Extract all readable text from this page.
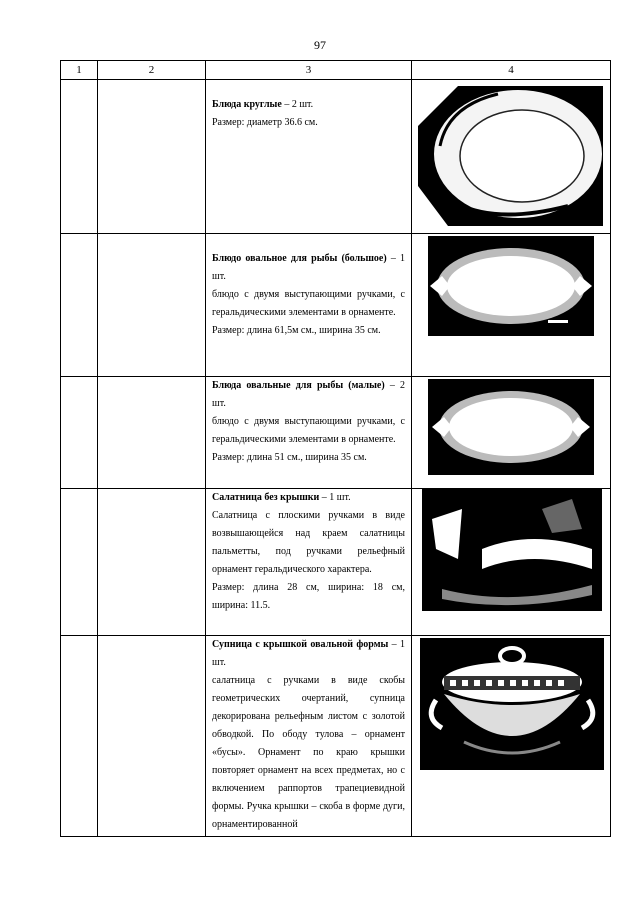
97
1	2	3	4

		Блюда круглые – 2 шт.

Размер: диаметр 36.6 см.

		Блюдо овальное для рыбы (большое) – 1 шт.

блюдо с двумя выступающими ручками, с геральдическими элементами в орнаменте.

Размер: длина 61,5м см., ширина 35 см.

		Блюда овальные для рыбы (малые) – 2 шт.

блюдо с двумя выступающими ручками, с геральдическими элементами в орнаменте.

Размер: длина 51 см., ширина 35 см.

		Салатница без крышки – 1 шт.

Салатница с плоскими ручками в виде возвышающейся над краем салатницы пальметты, под ручками рельефный орнамент геральдического характера.

Размер: длина 28 см, ширина: 18 см, ширина: 11.5.

		Супница с крышкой овальной формы – 1 шт.

салатница с ручками в виде скобы геометрических очертаний, супница декорирована рельефным листом с золотой обводкой. По ободу тулова – орнамент «бусы». Орнамент по краю крышки повторяет орнамент на всех предметах, но с включением раппортов трапециевидной формы. Ручка крышки – скоба в форме дуги, орнаментированной
